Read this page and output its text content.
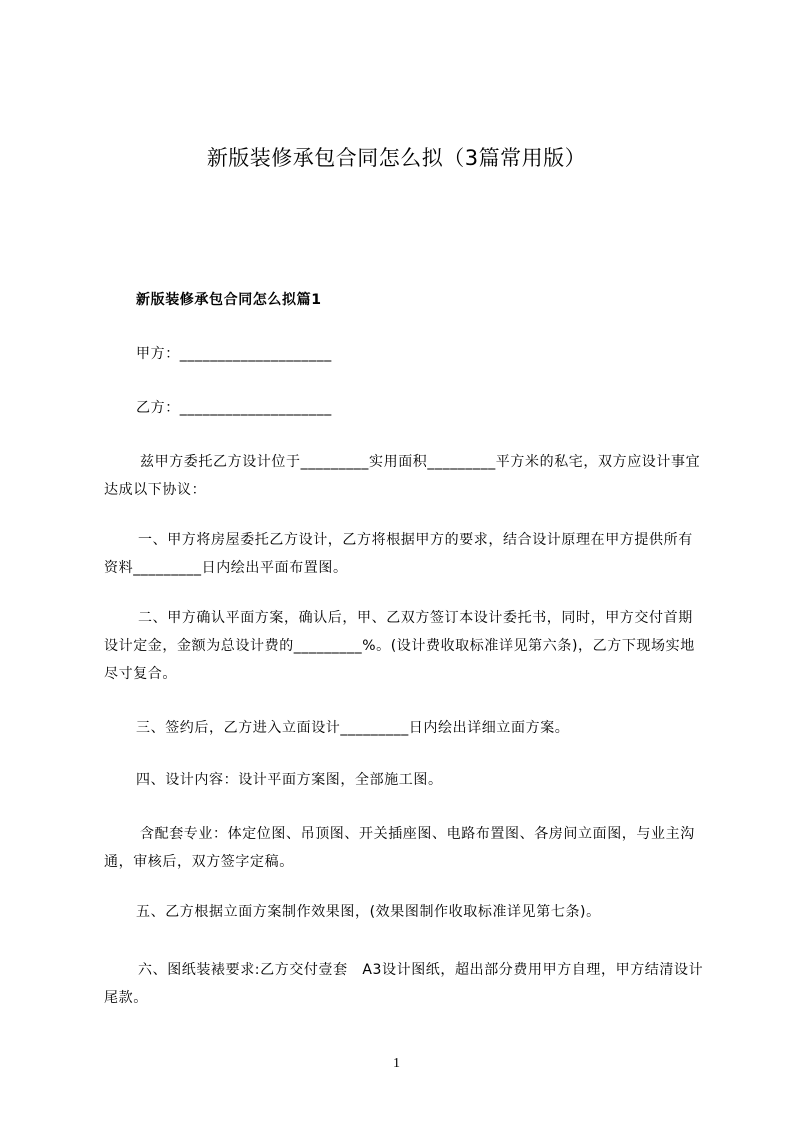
新版装修承包合同怎么拟（3篇常用版）

新版装修承包合同怎么拟篇1

甲方：____________________

乙方：____________________

兹甲方委托乙方设计位于_________实用面积_________平方米的私宅，双方应设计事宜达成以下协议：

一、甲方将房屋委托乙方设计，乙方将根据甲方的要求，结合设计原理在甲方提供所有资料_________日内绘出平面布置图。

二、甲方确认平面方案，确认后，甲、乙双方签订本设计委托书，同时，甲方交付首期设计定金，金额为总设计费的_________%。(设计费收取标准详见第六条)，乙方下现场实地尽寸复合。

三、签约后，乙方进入立面设计_________日内绘出详细立面方案。

四、设计内容：设计平面方案图，全部施工图。

含配套专业：体定位图、吊顶图、开关插座图、电路布置图、各房间立面图，与业主沟通，审核后，双方签字定稿。

五、乙方根据立面方案制作效果图，(效果图制作收取标准详见第七条)。

六、图纸装裱要求:乙方交付壹套　A3设计图纸，超出部分费用甲方自理，甲方结清设计尾款。

1
